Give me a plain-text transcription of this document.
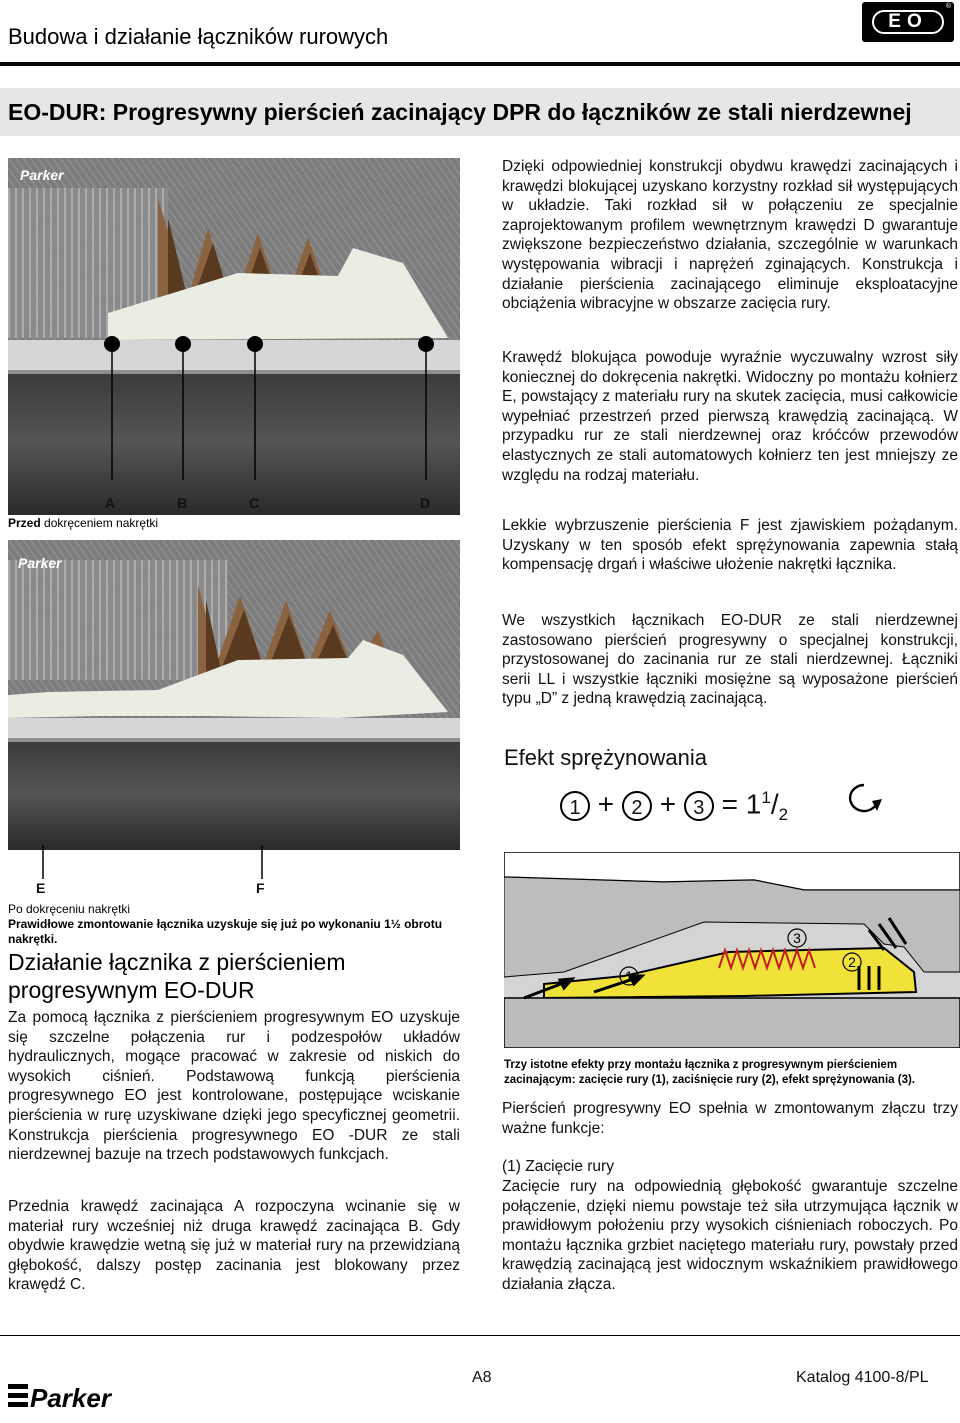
Budowa i działanie łączników rurowych
EO
®
EO-DUR: Progresywny pierścień zacinający DPR do łączników ze stali nierdzewnej
Parker
A	B	C	D
Przed dokręceniem nakrętki
Parker
E	F
Po dokręceniu nakrętki
Prawidłowe zmontowanie łącznika uzyskuje się już po wykonaniu 1½ obrotu nakrętki.
Dzięki odpowiedniej konstrukcji obydwu krawędzi zacinających i krawędzi blokującej uzyskano korzystny rozkład sił występujących w układzie. Taki rozkład sił w połączeniu ze specjalnie zaprojektowanym profilem wewnętrznym krawędzi D gwarantuje zwiększone bezpieczeństwo działania, szczególnie w warunkach występowania wibracji i naprężeń zginających. Konstrukcja i działanie pierścienia zacinającego eliminuje eksploatacyjne obciążenia wibracyjne w obszarze zacięcia rury.
Krawędź blokująca powoduje wyraźnie wyczuwalny wzrost siły koniecznej do dokręcenia nakrętki. Widoczny po montażu kołnierz E, powstający z materiału rury na skutek zacięcia, musi całkowicie wypełniać przestrzeń przed pierwszą krawędzią zacinającą. W przypadku rur ze stali nierdzewnej oraz króćców przewodów elastycznych ze stali automatowych kołnierz ten jest mniejszy ze względu na rodzaj materiału.
Lekkie wybrzuszenie pierścienia F jest zjawiskiem pożądanym. Uzyskany w ten sposób efekt sprężynowania zapewnia stałą kompensację drgań i właściwe ułożenie nakrętki łącznika.
We wszystkich łącznikach EO-DUR ze stali nierdzewnej zastosowano pierścień progresywny o specjalnej konstrukcji, przystosowanej do zacinania rur ze stali nierdzewnej. Łączniki serii LL i wszystkie łączniki mosiężne są wyposażone pierścień typu „D” z jedną krawędzią zacinającą.
Efekt sprężynowania
$1 + 2 + 3 = 1^1/_2$
1
2
3
Trzy istotne efekty przy montażu łącznika z progresywnym pierścieniem
zacinającym: zacięcie rury (1), zaciśnięcie rury (2), efekt sprężynowania (3).
Działanie łącznika z pierścieniem progresywnym EO-DUR
Za pomocą łącznika z pierścieniem progresywnym EO uzyskuje się szczelne połączenia rur i podzespołów układów hydraulicznych, mogące pracować w zakresie od niskich do wysokich ciśnień. Podstawową funkcją pierścienia progresywnego EO jest kontrolowane, postępujące wciskanie pierścienia w rurę uzyskiwane dzięki jego specyficznej geometrii. Konstrukcja pierścienia progresywnego EO -DUR ze stali nierdzewnej bazuje na trzech podstawowych funkcjach.
Przednia krawędź zacinająca A rozpoczyna wcinanie się w materiał rury wcześniej niż druga krawędź zacinająca B. Gdy obydwie krawędzie wetną się już w materiał rury na przewidzianą głębokość, dalszy postęp zacinania jest blokowany przez krawędź C.
Pierścień progresywny EO spełnia w zmontowanym złączu trzy ważne funkcje:
(1) Zacięcie rury
Zacięcie rury na odpowiednią głębokość gwarantuje szczelne połączenie, dzięki niemu powstaje też siła utrzymująca łącznik w prawidłowym położeniu przy wysokich ciśnieniach roboczych. Po montażu łącznika grzbiet naciętego materiału rury, powstały przed krawędzią zacinającą jest widocznym wskaźnikiem prawidłowego działania złącza.
Parker
A8	Katalog 4100-8/PL
